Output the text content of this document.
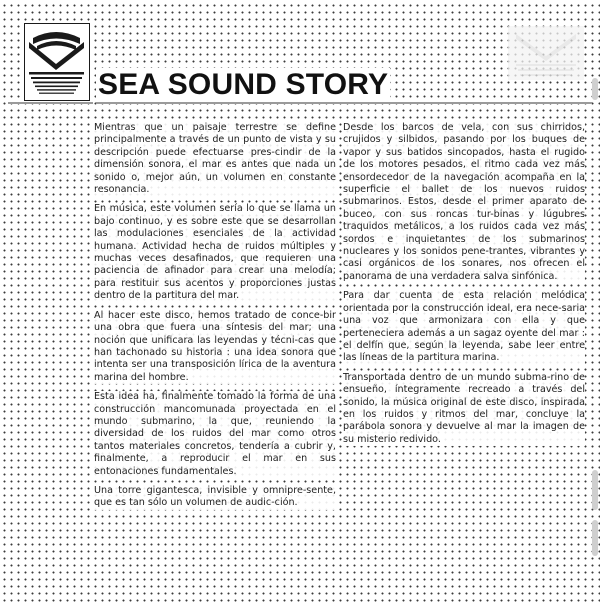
SEA SOUND STORY

Mientras que un paisaje terrestre se define principalmente a través de un punto de vista y su descripción puede efectuarse pres-cindir de la dimensión sonora, el mar es antes que nada un sonido o, mejor aún, un volumen en constante resonancia.

En música, este volumen sería lo que se llama un bajo continuo, y es sobre este que se desarrollan las modulaciones esenciales de la actividad humana. Actividad hecha de ruidos múltiples y muchas veces desafinados, que requieren una paciencia de afinador para crear una melodía; para restituir sus acentos y proporciones justas dentro de la partitura del mar.

Al hacer este disco, hemos tratado de conce-bir una obra que fuera una síntesis del mar; una noción que unificara las leyendas y técni-cas que han tachonado su historia : una idea sonora que intenta ser una transposición lírica de la aventura marina del hombre.

Esta idea ha, finalmente tomado la forma de una construcción mancomunada proyectada en el mundo submarino, la que, reuniendo la diversidad de los ruidos del mar como otros tantos materiales concretos, tendería a cubrir y, finalmente, a reproducir el mar en sus entonaciones fundamentales.

Una torre gigantesca, invisible y omnipre-sente, que es tan sólo un volumen de audic-ción.

Desde los barcos de vela, con sus chirridos, crujidos y silbidos, pasando por los buques de vapor y sus batidos sincopados, hasta el rugido de los motores pesados, el ritmo cada vez más ensordecedor de la navegación acompaña en la superficie el ballet de los nuevos ruidos submarinos. Estos, desde el primer aparato de buceo, con sus roncas tur-binas y lúgubres traquidos metálicos, a los ruidos cada vez más sordos e inquietantes de los submarinos nucleares y los sonidos pene-trantes, vibrantes y casi orgánicos de los sonares, nos ofrecen el panorama de una verdadera salva sinfónica.

Para dar cuenta de esta relación melódica orientada por la construcción ideal, era nece-saria una voz que armonizara con ella y que perteneciera además a un sagaz oyente del mar : el delfín que, según la leyenda, sabe leer entre las líneas de la partitura marina.

Transportada dentro de un mundo subma-rino de ensueño, íntegramente recreado a través del sonido, la música original de este disco, inspirada en los ruidos y ritmos del mar, concluye la parábola sonora y devuelve al mar la imagen de su misterio redivido.
